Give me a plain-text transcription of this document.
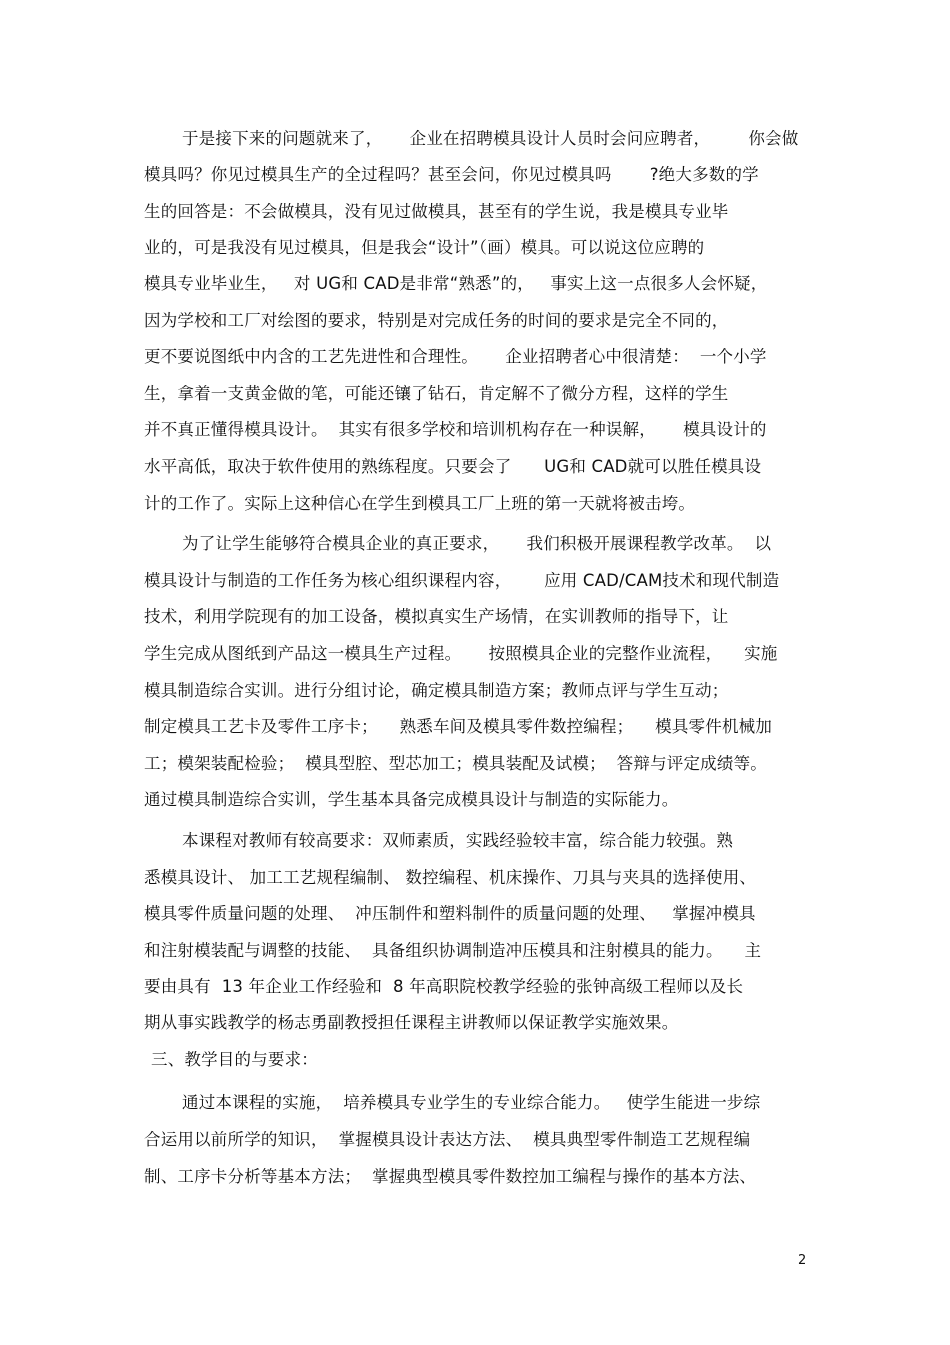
于是接下来的问题就来了，     企业在招聘模具设计人员时会问应聘者，       你会做
模具吗？你见过模具生产的全过程吗？甚至会问，你见过模具吗       ?绝大多数的学
生的回答是：不会做模具，没有见过做模具，甚至有的学生说，我是模具专业毕
业的，可是我没有见过模具，但是我会“设计”（画）模具。可以说这位应聘的
模具专业毕业生，   对 UG和 CAD是非常“熟悉”的，   事实上这一点很多人会怀疑，
因为学校和工厂对绘图的要求，特别是对完成任务的时间的要求是完全不同的，
更不要说图纸中内含的工艺先进性和合理性。     企业招聘者心中很清楚：  一个小学
生，拿着一支黄金做的笔，可能还镶了钻石，肯定解不了微分方程，这样的学生
并不真正懂得模具设计。  其实有很多学校和培训机构存在一种误解，     模具设计的
水平高低，取决于软件使用的熟练程度。只要会了      UG和 CAD就可以胜任模具设
计的工作了。实际上这种信心在学生到模具工厂上班的第一天就将被击垮。
为了让学生能够符合模具企业的真正要求，     我们积极开展课程教学改革。  以
模具设计与制造的工作任务为核心组织课程内容，      应用 CAD/CAM技术和现代制造
技术，利用学院现有的加工设备，模拟真实生产场情，在实训教师的指导下，让
学生完成从图纸到产品这一模具生产过程。     按照模具企业的完整作业流程，    实施
模具制造综合实训。进行分组讨论，确定模具制造方案；教师点评与学生互动；
制定模具工艺卡及零件工序卡；    熟悉车间及模具零件数控编程；    模具零件机械加
工；模架装配检验；  模具型腔、型芯加工；模具装配及试模；  答辩与评定成绩等。
通过模具制造综合实训，学生基本具备完成模具设计与制造的实际能力。
本课程对教师有较高要求：双师素质，实践经验较丰富，综合能力较强。熟
悉模具设计、 加工工艺规程编制、 数控编程、机床操作、刀具与夹具的选择使用、
模具零件质量问题的处理、  冲压制件和塑料制件的质量问题的处理、   掌握冲模具
和注射模装配与调整的技能、  具备组织协调制造冲压模具和注射模具的能力。    主
要由具有  13 年企业工作经验和  8 年高职院校教学经验的张钟高级工程师以及长
期从事实践教学的杨志勇副教授担任课程主讲教师以保证教学实施效果。
三、教学目的与要求：
通过本课程的实施，  培养模具专业学生的专业综合能力。   使学生能进一步综
合运用以前所学的知识，  掌握模具设计表达方法、  模具典型零件制造工艺规程编
制、工序卡分析等基本方法；  掌握典型模具零件数控加工编程与操作的基本方法、
2
